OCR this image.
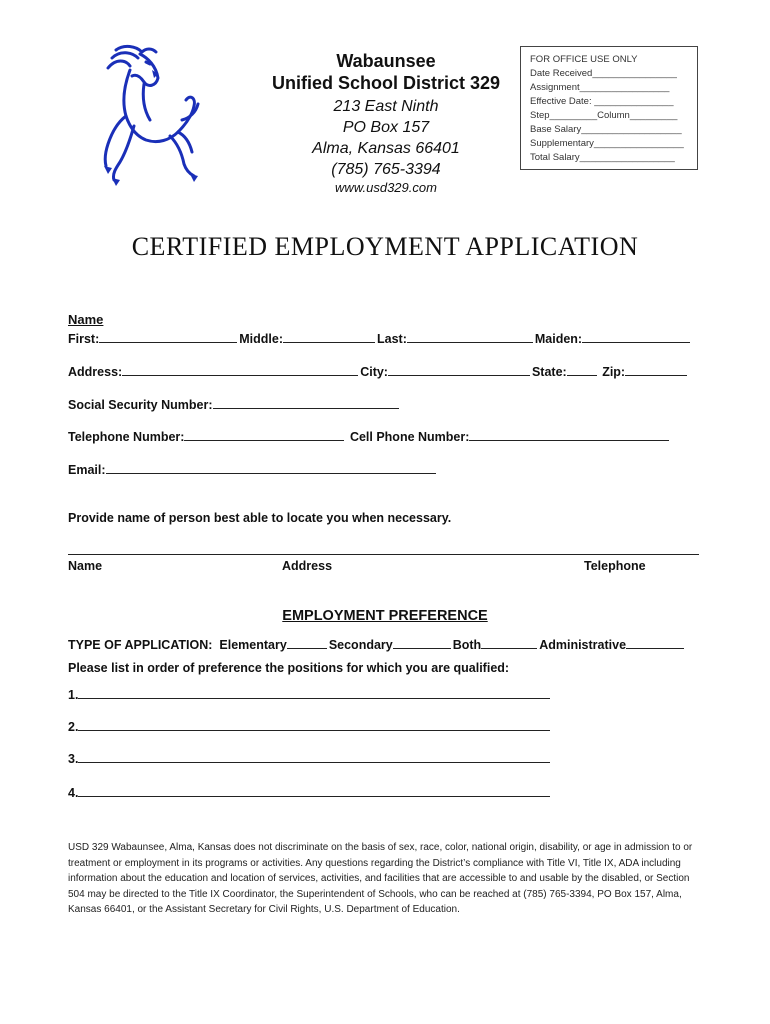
Wabaunsee
Unified School District 329
213 East Ninth
PO Box 157
Alma, Kansas 66401
(785) 765-3394
www.usd329.com
FOR OFFICE USE ONLY
Date Received________________
Assignment_________________
Effective Date: _______________
Step_________Column_________
Base Salary___________________
Supplementary_________________
Total Salary__________________
CERTIFIED EMPLOYMENT APPLICATION
Name
First:	Middle:	Last:	Maiden:
Address:	City:	State:	Zip:
Social Security Number:
Telephone Number:	Cell Phone Number:
Email:
Provide name of person best able to locate you when necessary.
Name	Address	Telephone
EMPLOYMENT PREFERENCE
TYPE OF APPLICATION: Elementary	Secondary	Both	Administrative
Please list in order of preference the positions for which you are qualified:
1.
2.
3.
4.
USD 329 Wabaunsee, Alma, Kansas does not discriminate on the basis of sex, race, color, national origin, disability, or age in admission to or treatment or employment in its programs or activities. Any questions regarding the District’s compliance with Title VI, Title IX, ADA including information about the education and location of services, activities, and facilities that are accessible to and usable by the disabled, or Section 504 may be directed to the Title IX Coordinator, the Superintendent of Schools, who can be reached at (785) 765-3394, PO Box 157, Alma, Kansas 66401, or the Assistant Secretary for Civil Rights, U.S. Department of Education.
